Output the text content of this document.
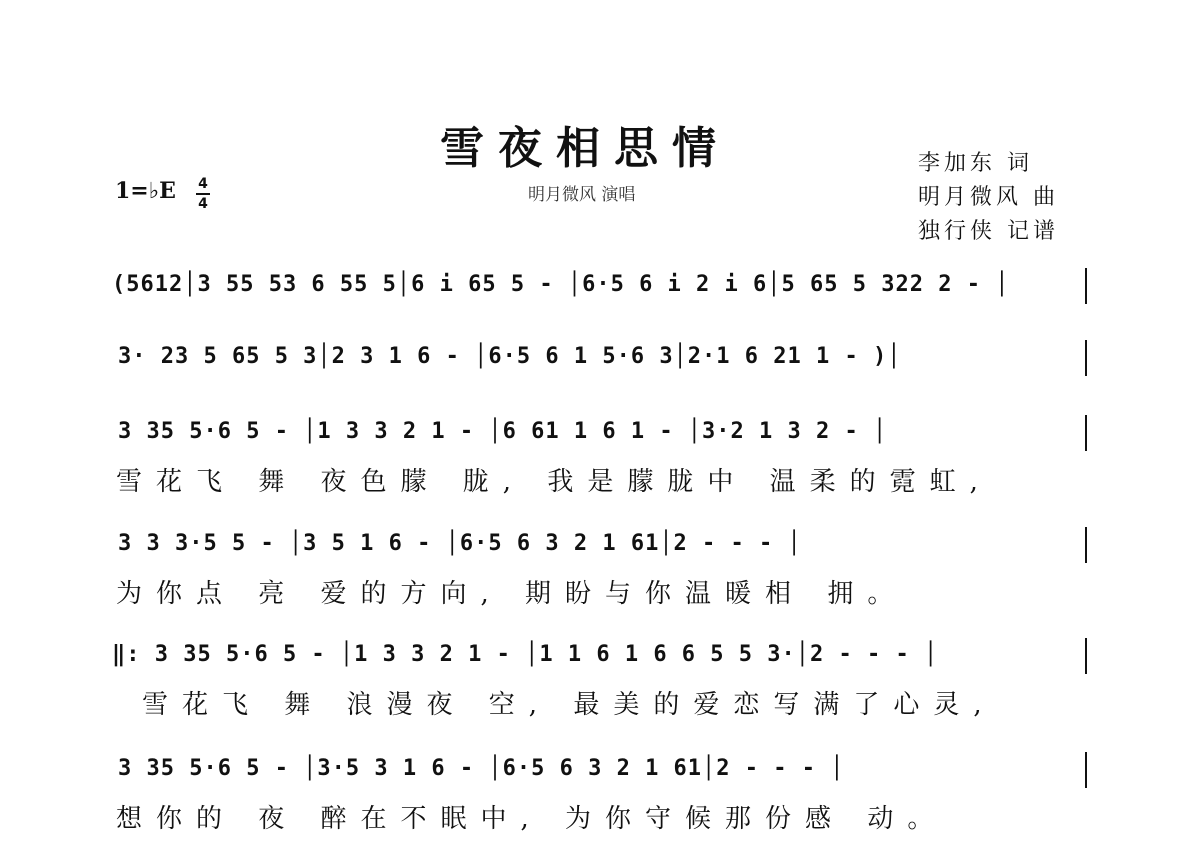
雪夜相思情
明月微风 演唱
李加东 词
明月微风 曲
独行侠 记谱
1=♭E 4
4
(5612│3 55 53 6 55 5│6 i 65 5 - │6·5 6 i 2 i 6│5 65 5 322 2 - │
3· 23 5 65 5 3│2 3 1 6 - │6·5 6 1 5·6 3│2·1 6 21 1 - )│
3 35 5·6 5 - │1 3 3 2 1 - │6 61 1 6 1 - │3·2 1 3 2 - │
雪花飞 舞 夜色朦 胧, 我是朦胧中 温柔的霓虹,
3 3 3·5 5 - │3 5 1 6 - │6·5 6 3 2 1 61│2 - - - │
为你点 亮 爱的方向, 期盼与你温暖相 拥。
‖: 3 35 5·6 5 - │1 3 3 2 1 - │1 1 6 1 6 6 5 5 3·│2 - - - │
雪花飞 舞 浪漫夜 空, 最美的爱恋写满了心灵,
3 35 5·6 5 - │3·5 3 1 6 - │6·5 6 3 2 1 61│2 - - - │
想你的 夜 醉在不眠中, 为你守候那份感 动。
